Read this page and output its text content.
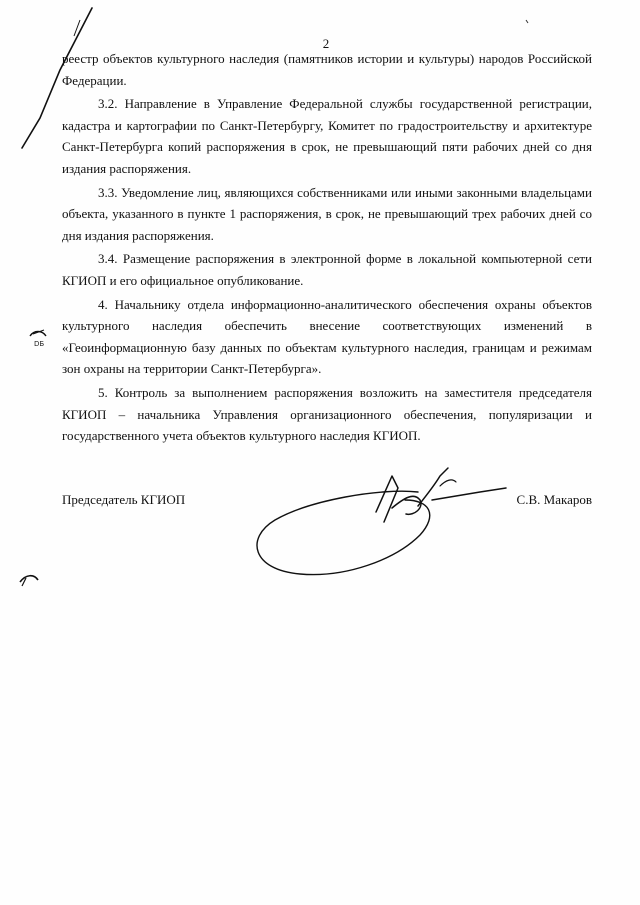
2

реестр объектов культурного наследия (памятников истории и культуры) народов Российской Федерации.

3.2. Направление в Управление Федеральной службы государственной регистрации, кадастра и картографии по Санкт-Петербургу, Комитет по градостроительству и архитектуре Санкт-Петербурга копий распоряжения в срок, не превышающий пяти рабочих дней со дня издания распоряжения.

3.3. Уведомление лиц, являющихся собственниками или иными законными владельцами объекта, указанного в пункте 1 распоряжения, в срок, не превышающий трех рабочих дней со дня издания распоряжения.

3.4. Размещение распоряжения в электронной форме в локальной компьютерной сети КГИОП и его официальное опубликование.

4. Начальнику отдела информационно-аналитического обеспечения охраны объектов культурного наследия обеспечить внесение соответствующих изменений в «Геоинформационную базу данных по объектам культурного наследия, границам и режимам зон охраны на территории Санкт-Петербурга».

5. Контроль за выполнением распоряжения возложить на заместителя председателя КГИОП – начальника Управления организационного обеспечения, популяризации и государственного учета объектов культурного наследия КГИОП.

Председатель КГИОП	С.В. Макаров
DБ
